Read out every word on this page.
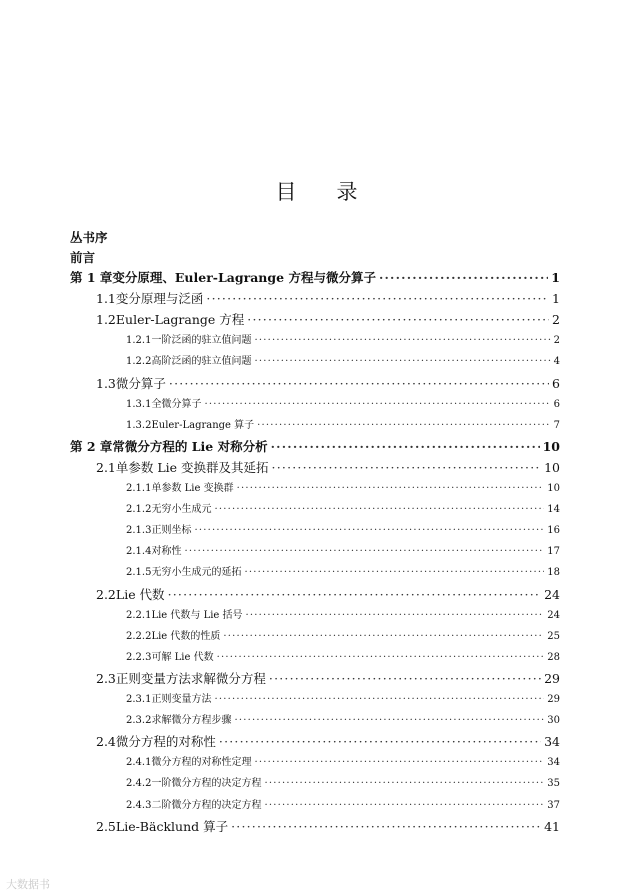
目录
丛书序
前言
第 1 章 变分原理、Euler-Lagrange 方程与微分算子 ·····	1
1.1 变分原理与泛函 ·····	1
1.2 Euler-Lagrange 方程 ·····	2
1.2.1 一阶泛函的驻立值问题 ·····	2
1.2.2 高阶泛函的驻立值问题 ·····	4
1.3 微分算子 ·····	6
1.3.1 全微分算子 ·····	6
1.3.2 Euler-Lagrange 算子 ·····	7
第 2 章 常微分方程的 Lie 对称分析 ·····	10
2.1 单参数 Lie 变换群及其延拓 ·····	10
2.1.1 单参数 Lie 变换群 ·····	10
2.1.2 无穷小生成元 ·····	14
2.1.3 正则坐标 ·····	16
2.1.4 对称性 ·····	17
2.1.5 无穷小生成元的延拓 ·····	18
2.2 Lie 代数 ·····	24
2.2.1 Lie 代数与 Lie 括号 ·····	24
2.2.2 Lie 代数的性质 ·····	25
2.2.3 可解 Lie 代数 ·····	28
2.3 正则变量方法求解微分方程 ·····	29
2.3.1 正则变量方法 ·····	29
2.3.2 求解微分方程步骤 ·····	30
2.4 微分方程的对称性 ·····	34
2.4.1 微分方程的对称性定理 ·····	34
2.4.2 一阶微分方程的决定方程 ·····	35
2.4.3 二阶微分方程的决定方程 ·····	37
2.5 Lie-Bäcklund 算子 ·····	41
大数据书
